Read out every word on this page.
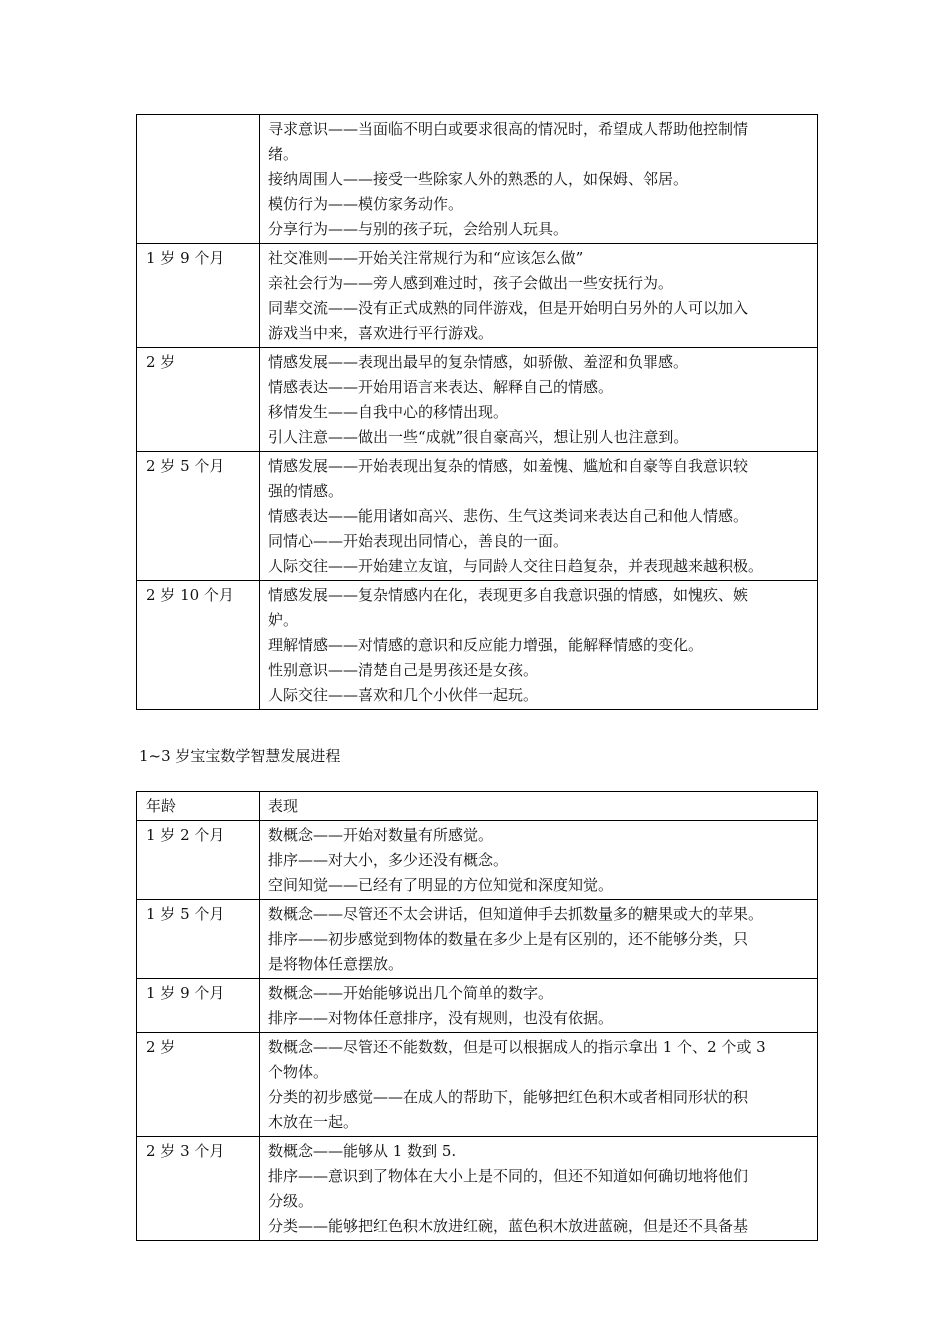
	寻求意识——当面临不明白或要求很高的情况时，希望成人帮助他控制情
绪。
接纳周围人——接受一些除家人外的熟悉的人，如保姆、邻居。
模仿行为——模仿家务动作。
分享行为——与别的孩子玩，会给别人玩具。

1 岁 9 个月	社交准则——开始关注常规行为和“应该怎么做”
亲社会行为——旁人感到难过时，孩子会做出一些安抚行为。
同辈交流——没有正式成熟的同伴游戏，但是开始明白另外的人可以加入
游戏当中来，喜欢进行平行游戏。

2 岁	情感发展——表现出最早的复杂情感，如骄傲、羞涩和负罪感。
情感表达——开始用语言来表达、解释自己的情感。
移情发生——自我中心的移情出现。
引人注意——做出一些“成就”很自豪高兴，想让别人也注意到。

2 岁 5 个月	情感发展——开始表现出复杂的情感，如羞愧、尴尬和自豪等自我意识较
强的情感。
情感表达——能用诸如高兴、悲伤、生气这类词来表达自己和他人情感。
同情心——开始表现出同情心，善良的一面。
人际交往——开始建立友谊，与同龄人交往日趋复杂，并表现越来越积极。

2 岁 10 个月	情感发展——复杂情感内在化，表现更多自我意识强的情感，如愧疚、嫉
妒。
理解情感——对情感的意识和反应能力增强，能解释情感的变化。
性别意识——清楚自己是男孩还是女孩。
人际交往——喜欢和几个小伙伴一起玩。
1~3 岁宝宝数学智慧发展进程
年龄	表现
1 岁 2 个月	数概念——开始对数量有所感觉。
排序——对大小，多少还没有概念。
空间知觉——已经有了明显的方位知觉和深度知觉。

1 岁 5 个月	数概念——尽管还不太会讲话，但知道伸手去抓数量多的糖果或大的苹果。
排序——初步感觉到物体的数量在多少上是有区别的，还不能够分类，只
是将物体任意摆放。

1 岁 9 个月	数概念——开始能够说出几个简单的数字。
排序——对物体任意排序，没有规则，也没有依据。

2 岁	数概念——尽管还不能数数，但是可以根据成人的指示拿出 1 个、2 个或 3
个物体。
分类的初步感觉——在成人的帮助下，能够把红色积木或者相同形状的积
木放在一起。

2 岁 3 个月	数概念——能够从 1 数到 5.
排序——意识到了物体在大小上是不同的，但还不知道如何确切地将他们
分级。
分类——能够把红色积木放进红碗，蓝色积木放进蓝碗，但是还不具备基
